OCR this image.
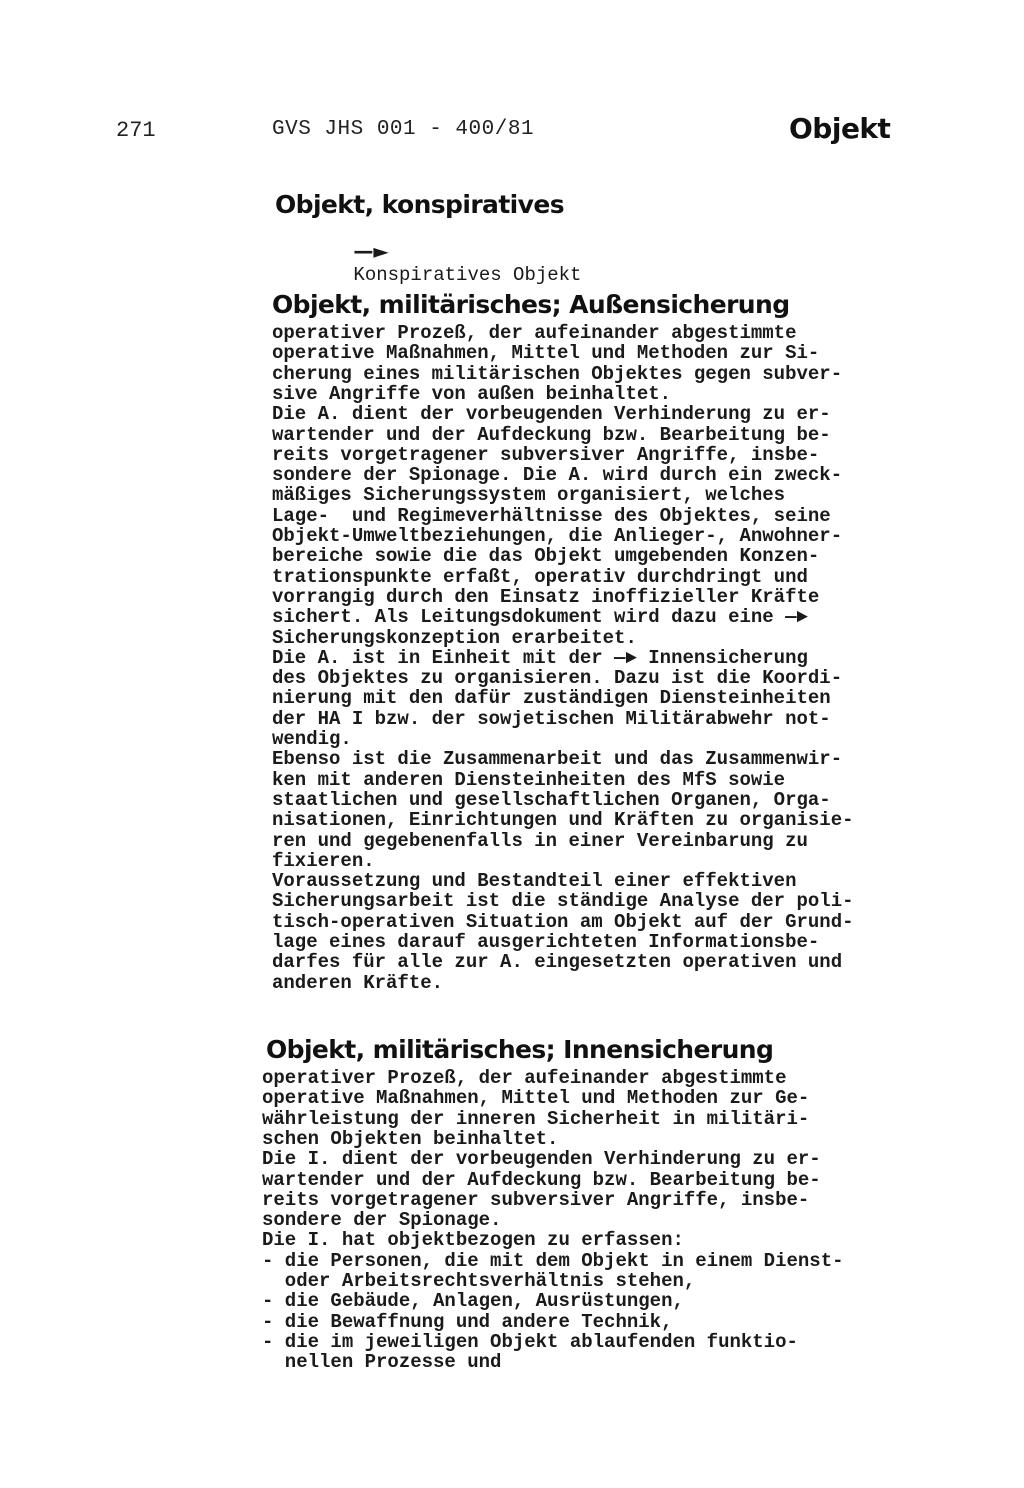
271	GVS JHS 001 - 400/81	Objekt
Objekt, konspiratives

—►
Konspiratives Objekt

Objekt, militärisches; Außensicherung
operativer Prozeß, der aufeinander abgestimmte
operative Maßnahmen, Mittel und Methoden zur Si-
cherung eines militärischen Objektes gegen subver-
sive Angriffe von außen beinhaltet.
Die A. dient der vorbeugenden Verhinderung zu er-
wartender und der Aufdeckung bzw. Bearbeitung be-
reits vorgetragener subversiver Angriffe, insbe-
sondere der Spionage. Die A. wird durch ein zweck-
mäßiges Sicherungssystem organisiert, welches
Lage-  und Regimeverhältnisse des Objektes, seine
Objekt-Umweltbeziehungen, die Anlieger-, Anwohner-
bereiche sowie die das Objekt umgebenden Konzen-
trationspunkte erfaßt, operativ durchdringt und
vorrangig durch den Einsatz inoffizieller Kräfte
sichert. Als Leitungsdokument wird dazu eine —►
Sicherungskonzeption erarbeitet.
Die A. ist in Einheit mit der —► Innensicherung
des Objektes zu organisieren. Dazu ist die Koordi-
nierung mit den dafür zuständigen Diensteinheiten
der HA I bzw. der sowjetischen Militärabwehr not-
wendig.
Ebenso ist die Zusammenarbeit und das Zusammenwir-
ken mit anderen Diensteinheiten des MfS sowie
staatlichen und gesellschaftlichen Organen, Orga-
nisationen, Einrichtungen und Kräften zu organisie-
ren und gegebenenfalls in einer Vereinbarung zu
fixieren.
Voraussetzung und Bestandteil einer effektiven
Sicherungsarbeit ist die ständige Analyse der poli-
tisch-operativen Situation am Objekt auf der Grund-
lage eines darauf ausgerichteten Informationsbe-
darfes für alle zur A. eingesetzten operativen und
anderen Kräfte.
Objekt, militärisches; Innensicherung
operativer Prozeß, der aufeinander abgestimmte
operative Maßnahmen, Mittel und Methoden zur Ge-
währleistung der inneren Sicherheit in militäri-
schen Objekten beinhaltet.
Die I. dient der vorbeugenden Verhinderung zu er-
wartender und der Aufdeckung bzw. Bearbeitung be-
reits vorgetragener subversiver Angriffe, insbe-
sondere der Spionage.
Die I. hat objektbezogen zu erfassen:
- die Personen, die mit dem Objekt in einem Dienst-
oder Arbeitsrechtsverhältnis stehen,
- die Gebäude, Anlagen, Ausrüstungen,
- die Bewaffnung und andere Technik,
- die im jeweiligen Objekt ablaufenden funktio-
nellen Prozesse und
